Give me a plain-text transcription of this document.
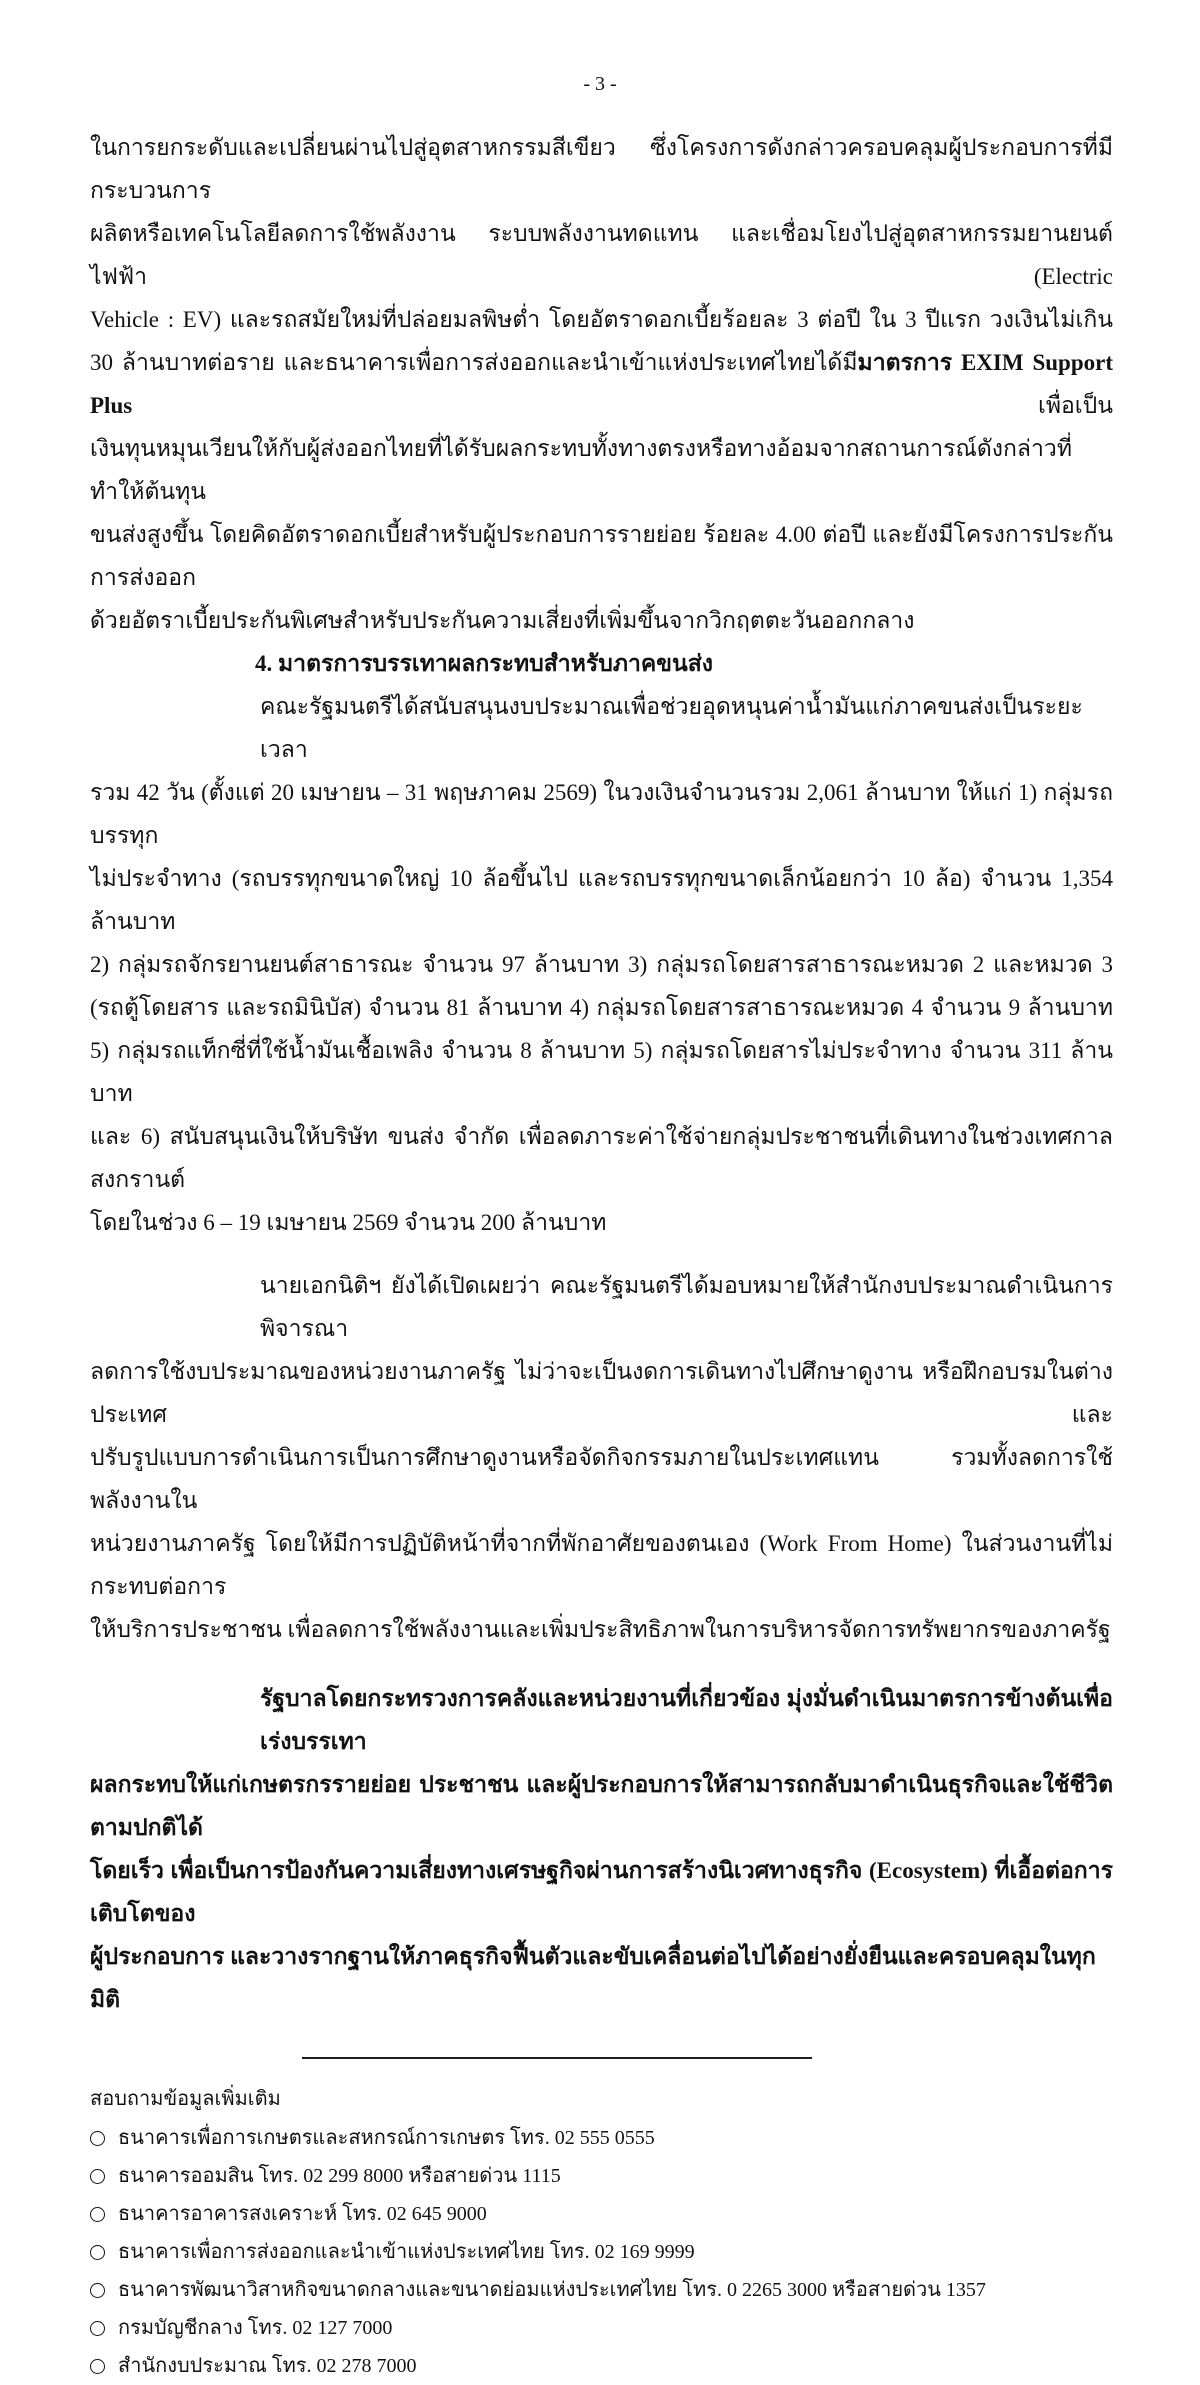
- 3 -
ในการยกระดับและเปลี่ยนผ่านไปสู่อุตสาหกรรมสีเขียว ซึ่งโครงการดังกล่าวครอบคลุมผู้ประกอบการที่มีกระบวนการ
ผลิตหรือเทคโนโลยีลดการใช้พลังงาน ระบบพลังงานทดแทน และเชื่อมโยงไปสู่อุตสาหกรรมยานยนต์ไฟฟ้า (Electric
Vehicle : EV) และรถสมัยใหม่ที่ปล่อยมลพิษต่ำ โดยอัตราดอกเบี้ยร้อยละ 3 ต่อปี ใน 3 ปีแรก วงเงินไม่เกิน
30 ล้านบาทต่อราย และธนาคารเพื่อการส่งออกและนำเข้าแห่งประเทศไทยได้มีมาตรการ EXIM Support Plus เพื่อเป็น
เงินทุนหมุนเวียนให้กับผู้ส่งออกไทยที่ได้รับผลกระทบทั้งทางตรงหรือทางอ้อมจากสถานการณ์ดังกล่าวที่ทำให้ต้นทุน
ขนส่งสูงขึ้น โดยคิดอัตราดอกเบี้ยสำหรับผู้ประกอบการรายย่อย ร้อยละ 4.00 ต่อปี และยังมีโครงการประกันการส่งออก
ด้วยอัตราเบี้ยประกันพิเศษสำหรับประกันความเสี่ยงที่เพิ่มขึ้นจากวิกฤตตะวันออกกลาง
4. มาตรการบรรเทาผลกระทบสำหรับภาคขนส่ง
คณะรัฐมนตรีได้สนับสนุนงบประมาณเพื่อช่วยอุดหนุนค่าน้ำมันแก่ภาคขนส่งเป็นระยะเวลา
รวม 42 วัน (ตั้งแต่ 20 เมษายน – 31 พฤษภาคม 2569) ในวงเงินจำนวนรวม 2,061 ล้านบาท ให้แก่ 1) กลุ่มรถบรรทุก
ไม่ประจำทาง (รถบรรทุกขนาดใหญ่ 10 ล้อขึ้นไป และรถบรรทุกขนาดเล็กน้อยกว่า 10 ล้อ) จำนวน 1,354 ล้านบาท
2) กลุ่มรถจักรยานยนต์สาธารณะ จำนวน 97 ล้านบาท 3) กลุ่มรถโดยสารสาธารณะหมวด 2 และหมวด 3
(รถตู้โดยสาร และรถมินิบัส) จำนวน 81 ล้านบาท 4) กลุ่มรถโดยสารสาธารณะหมวด 4 จำนวน 9 ล้านบาท
5) กลุ่มรถแท็กซี่ที่ใช้น้ำมันเชื้อเพลิง จำนวน 8 ล้านบาท 5) กลุ่มรถโดยสารไม่ประจำทาง จำนวน 311 ล้านบาท
และ 6) สนับสนุนเงินให้บริษัท ขนส่ง จำกัด เพื่อลดภาระค่าใช้จ่ายกลุ่มประชาชนที่เดินทางในช่วงเทศกาลสงกรานต์
โดยในช่วง 6 – 19 เมษายน 2569 จำนวน 200 ล้านบาท
นายเอกนิติฯ ยังได้เปิดเผยว่า คณะรัฐมนตรีได้มอบหมายให้สำนักงบประมาณดำเนินการพิจารณา
ลดการใช้งบประมาณของหน่วยงานภาครัฐ ไม่ว่าจะเป็นงดการเดินทางไปศึกษาดูงาน หรือฝึกอบรมในต่างประเทศ และ
ปรับรูปแบบการดำเนินการเป็นการศึกษาดูงานหรือจัดกิจกรรมภายในประเทศแทน รวมทั้งลดการใช้พลังงานใน
หน่วยงานภาครัฐ โดยให้มีการปฏิบัติหน้าที่จากที่พักอาศัยของตนเอง (Work From Home) ในส่วนงานที่ไม่กระทบต่อการ
ให้บริการประชาชน เพื่อลดการใช้พลังงานและเพิ่มประสิทธิภาพในการบริหารจัดการทรัพยากรของภาครัฐ
รัฐบาลโดยกระทรวงการคลังและหน่วยงานที่เกี่ยวข้อง มุ่งมั่นดำเนินมาตรการข้างต้นเพื่อเร่งบรรเทา
ผลกระทบให้แก่เกษตรกรรายย่อย ประชาชน และผู้ประกอบการให้สามารถกลับมาดำเนินธุรกิจและใช้ชีวิตตามปกติได้
โดยเร็ว เพื่อเป็นการป้องกันความเสี่ยงทางเศรษฐกิจผ่านการสร้างนิเวศทางธุรกิจ (Ecosystem) ที่เอื้อต่อการเติบโตของ
ผู้ประกอบการ และวางรากฐานให้ภาคธุรกิจฟื้นตัวและขับเคลื่อนต่อไปได้อย่างยั่งยืนและครอบคลุมในทุกมิติ
สอบถามข้อมูลเพิ่มเติม
ธนาคารเพื่อการเกษตรและสหกรณ์การเกษตร โทร. 02 555 0555
ธนาคารออมสิน โทร. 02 299 8000 หรือสายด่วน 1115
ธนาคารอาคารสงเคราะห์ โทร. 02 645 9000
ธนาคารเพื่อการส่งออกและนำเข้าแห่งประเทศไทย โทร. 02 169 9999
ธนาคารพัฒนาวิสาหกิจขนาดกลางและขนาดย่อมแห่งประเทศไทย โทร. 0 2265 3000 หรือสายด่วน 1357
กรมบัญชีกลาง โทร. 02 127 7000
สำนักงบประมาณ โทร. 02 278 7000
